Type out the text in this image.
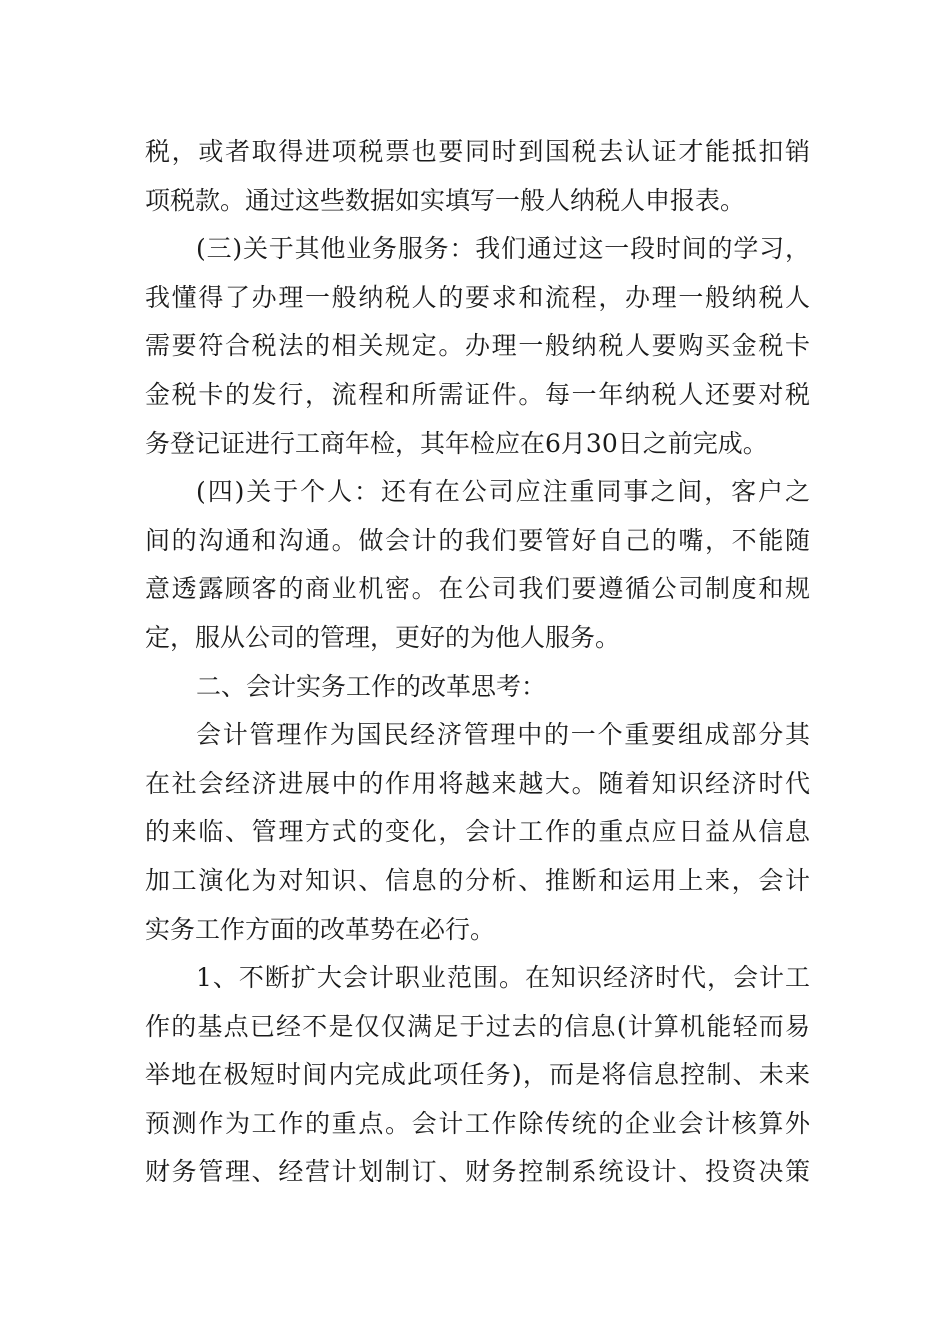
税，或者取得进项税票也要同时到国税去认证才能抵扣销
项税款。通过这些数据如实填写一般人纳税人申报表。
(三)关于其他业务服务：我们通过这一段时间的学习，
我懂得了办理一般纳税人的要求和流程，办理一般纳税人
需要符合税法的相关规定。办理一般纳税人要购买金税卡
金税卡的发行，流程和所需证件。每一年纳税人还要对税
务登记证进行工商年检，其年检应在6月30日之前完成。
(四)关于个人：还有在公司应注重同事之间，客户之
间的沟通和沟通。做会计的我们要管好自己的嘴，不能随
意透露顾客的商业机密。在公司我们要遵循公司制度和规
定，服从公司的管理，更好的为他人服务。
二、会计实务工作的改革思考：
会计管理作为国民经济管理中的一个重要组成部分其
在社会经济进展中的作用将越来越大。随着知识经济时代
的来临、管理方式的变化，会计工作的重点应日益从信息
加工演化为对知识、信息的分析、推断和运用上来，会计
实务工作方面的改革势在必行。
1、不断扩大会计职业范围。在知识经济时代，会计工
作的基点已经不是仅仅满足于过去的信息(计算机能轻而易
举地在极短时间内完成此项任务)，而是将信息控制、未来
预测作为工作的重点。会计工作除传统的企业会计核算外
财务管理、经营计划制订、财务控制系统设计、投资决策
